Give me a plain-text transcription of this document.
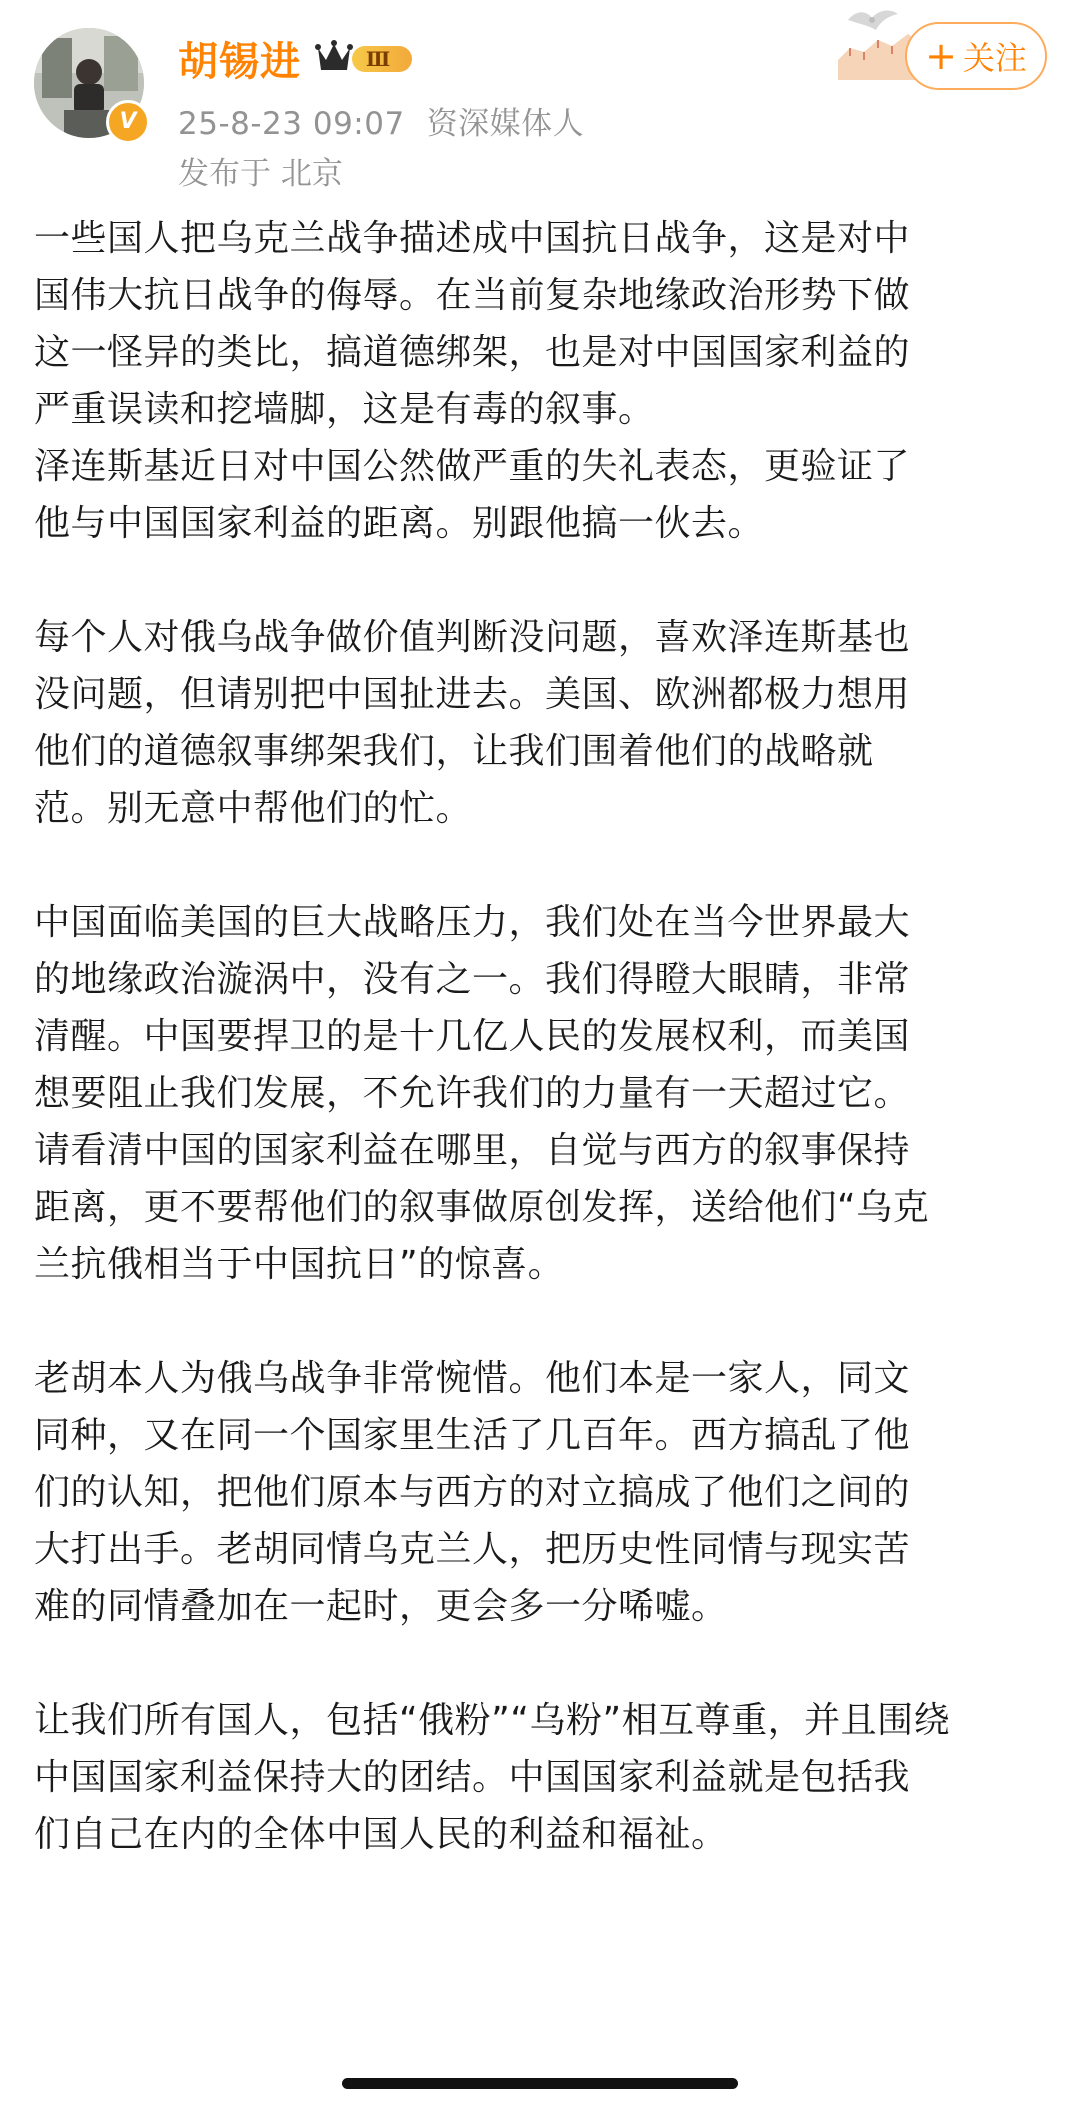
V
胡锡进	Ⅲ
25-8-23 09:07 资深媒体人
发布于 北京
+ 关注
一些国人把乌克兰战争描述成中国抗日战争，这是对中
国伟大抗日战争的侮辱。在当前复杂地缘政治形势下做
这一怪异的类比，搞道德绑架，也是对中国国家利益的
严重误读和挖墙脚，这是有毒的叙事。
泽连斯基近日对中国公然做严重的失礼表态，更验证了
他与中国国家利益的距离。别跟他搞一伙去。
每个人对俄乌战争做价值判断没问题，喜欢泽连斯基也
没问题，但请别把中国扯进去。美国、欧洲都极力想用
他们的道德叙事绑架我们，让我们围着他们的战略就
范。别无意中帮他们的忙。
中国面临美国的巨大战略压力，我们处在当今世界最大
的地缘政治漩涡中，没有之一。我们得瞪大眼睛，非常
清醒。中国要捍卫的是十几亿人民的发展权利，而美国
想要阻止我们发展，不允许我们的力量有一天超过它。
请看清中国的国家利益在哪里，自觉与西方的叙事保持
距离，更不要帮他们的叙事做原创发挥，送给他们“乌克
兰抗俄相当于中国抗日”的惊喜。
老胡本人为俄乌战争非常惋惜。他们本是一家人，同文
同种，又在同一个国家里生活了几百年。西方搞乱了他
们的认知，把他们原本与西方的对立搞成了他们之间的
大打出手。老胡同情乌克兰人，把历史性同情与现实苦
难的同情叠加在一起时，更会多一分唏嘘。
让我们所有国人，包括“俄粉”“乌粉”相互尊重，并且围绕
中国国家利益保持大的团结。中国国家利益就是包括我
们自己在内的全体中国人民的利益和福祉。
